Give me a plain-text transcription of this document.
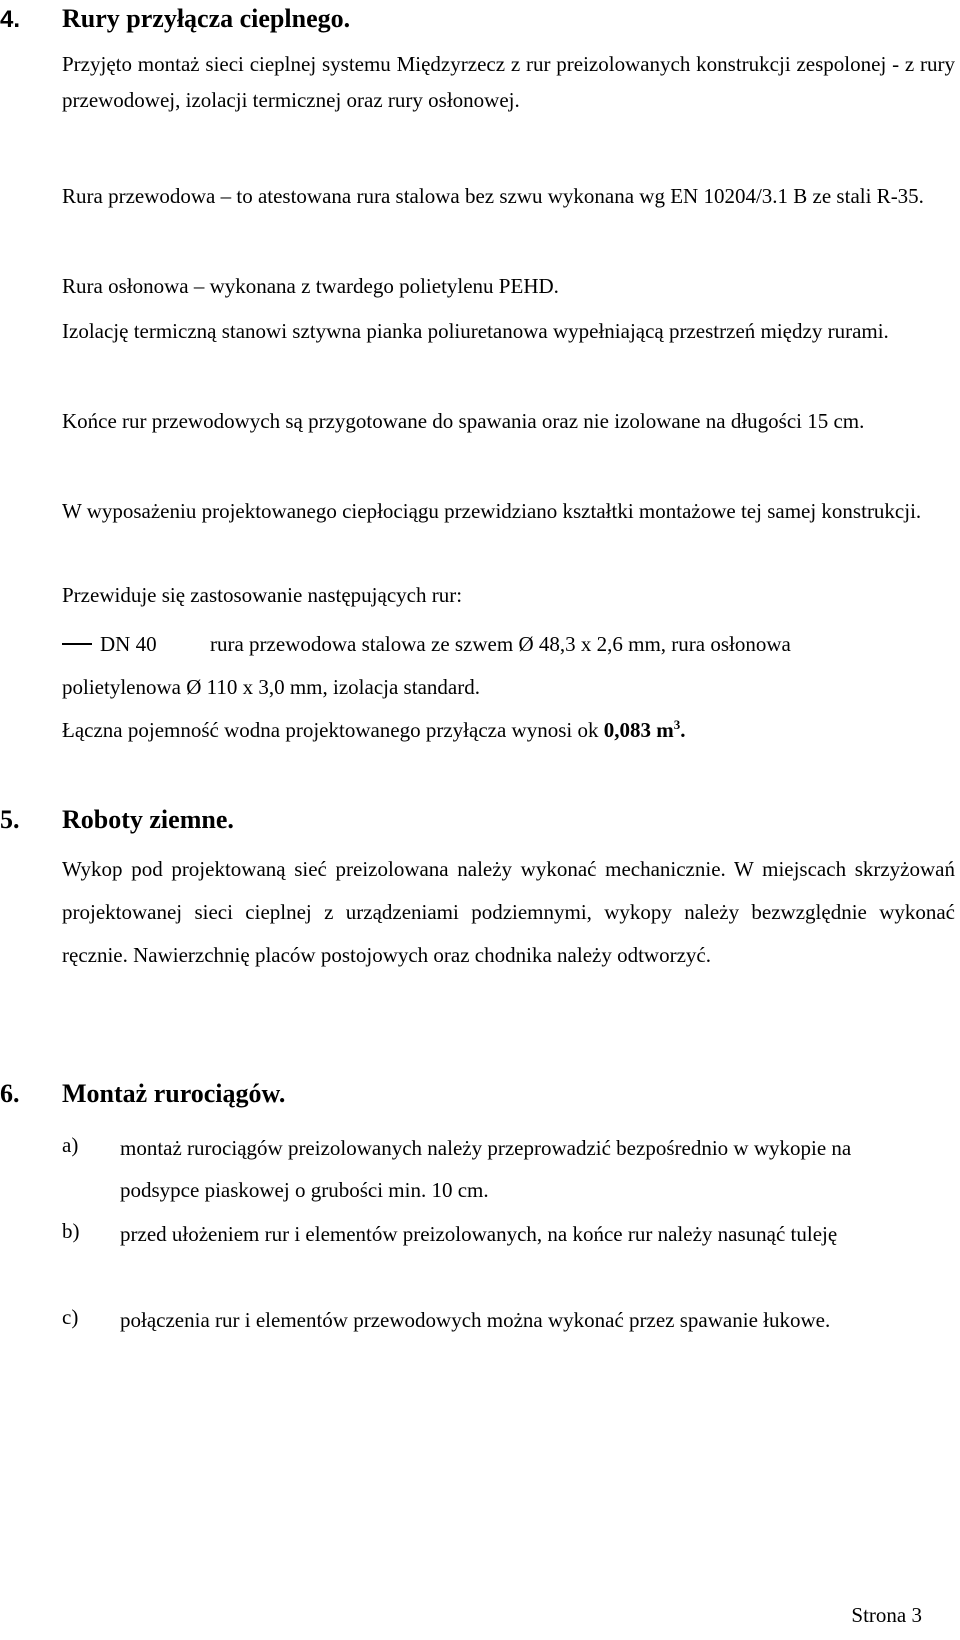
4. Rury przyłącza cieplnego.
Przyjęto montaż sieci cieplnej systemu Międzyrzecz z rur preizolowanych konstrukcji zespolonej - z rury przewodowej, izolacji termicznej oraz rury osłonowej.
Rura przewodowa – to atestowana rura stalowa bez szwu wykonana wg EN 10204/3.1 B ze stali R-35.
Rura osłonowa – wykonana z twardego polietylenu PEHD.
Izolację termiczną stanowi sztywna pianka poliuretanowa wypełniającą przestrzeń między rurami.
Końce rur przewodowych są przygotowane do spawania oraz nie izolowane na długości 15 cm.
W wyposażeniu projektowanego ciepłociągu przewidziano kształtki montażowe tej samej konstrukcji.
Przewiduje się zastosowanie następujących rur:
DN 40	rura przewodowa stalowa ze szwem Ø 48,3 x 2,6 mm, rura osłonowa
polietylenowa Ø 110 x 3,0 mm, izolacja standard.
Łączna pojemność wodna projektowanego przyłącza wynosi ok 0,083 $m^3$.
5. Roboty ziemne.
Wykop pod projektowaną sieć preizolowana należy wykonać mechanicznie. W miejscach skrzyżowań projektowanej sieci cieplnej z urządzeniami podziemnymi, wykopy należy bezwzględnie wykonać ręcznie. Nawierzchnię placów postojowych oraz chodnika należy odtworzyć.
6. Montaż rurociągów.
a) montaż rurociągów preizolowanych należy przeprowadzić bezpośrednio w wykopie na podsypce piaskowej o grubości min. 10 cm.
b) przed ułożeniem rur i elementów preizolowanych, na końce rur należy nasunąć tuleję
c) połączenia rur i elementów przewodowych można wykonać przez spawanie łukowe.
Strona 3
